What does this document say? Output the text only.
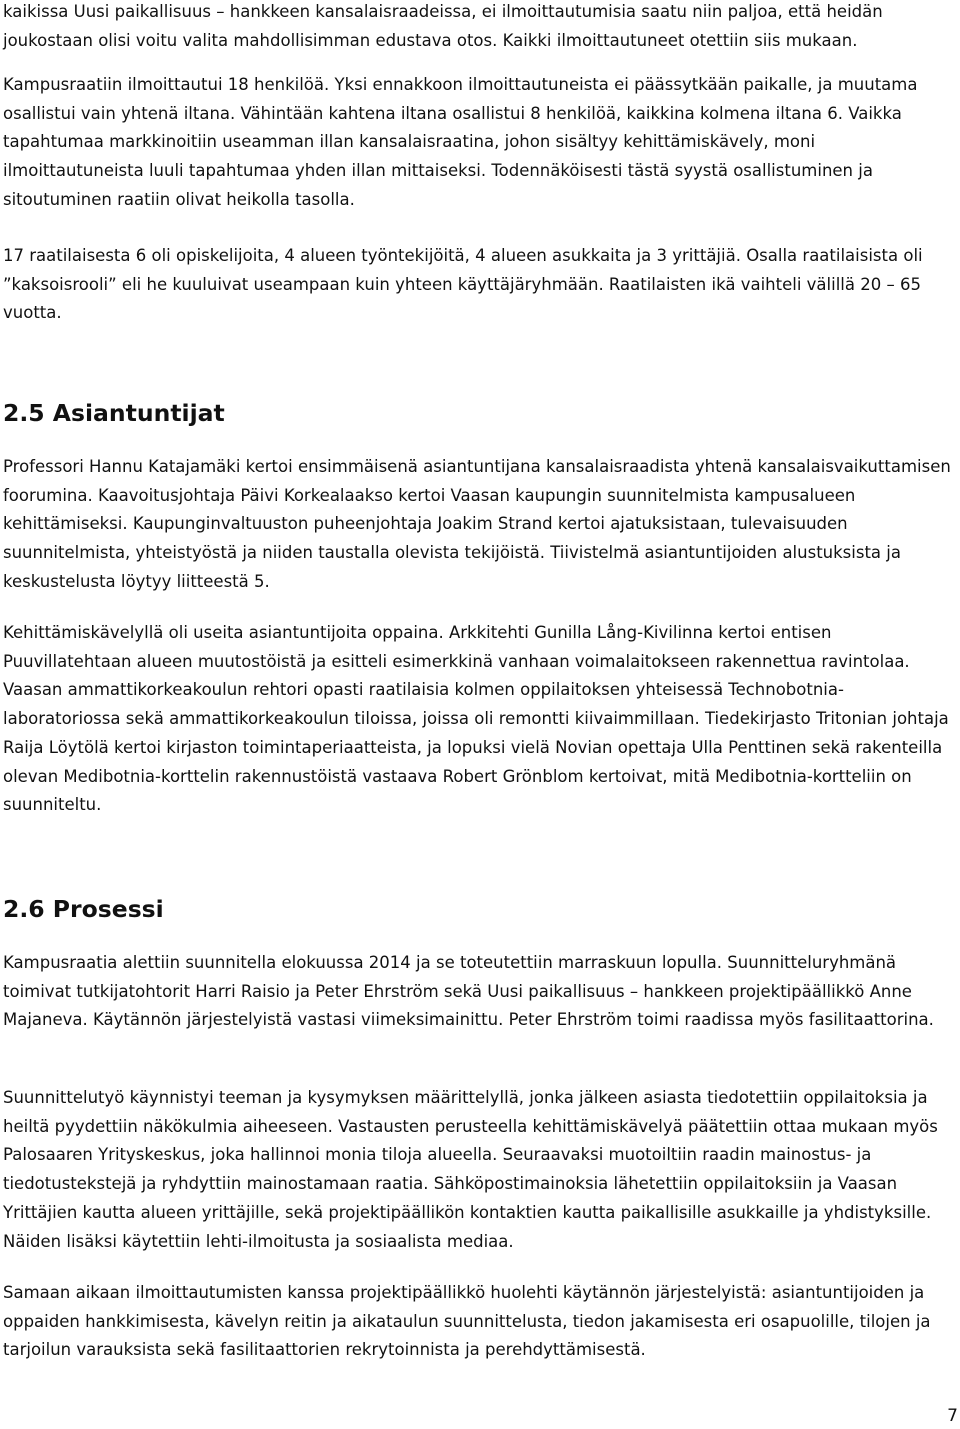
kaikissa Uusi paikallisuus – hankkeen kansalaisraadeissa, ei ilmoittautumisia saatu niin paljoa, että heidän joukostaan olisi voitu valita mahdollisimman edustava otos. Kaikki ilmoittautuneet otettiin siis mukaan.

Kampusraatiin ilmoittautui 18 henkilöä. Yksi ennakkoon ilmoittautuneista ei päässytkään paikalle, ja muutama osallistui vain yhtenä iltana. Vähintään kahtena iltana osallistui 8 henkilöä, kaikkina kolmena iltana 6. Vaikka tapahtumaa markkinoitiin useamman illan kansalaisraatina, johon sisältyy kehittämiskävely, moni ilmoittautuneista luuli tapahtumaa yhden illan mittaiseksi. Todennäköisesti tästä syystä osallistuminen ja sitoutuminen raatiin olivat heikolla tasolla.

17 raatilaisesta 6 oli opiskelijoita, 4 alueen työntekijöitä, 4 alueen asukkaita ja 3 yrittäjiä. Osalla raatilaisista oli ”kaksoisrooli” eli he kuuluivat useampaan kuin yhteen käyttäjäryhmään. Raatilaisten ikä vaihteli välillä 20 – 65 vuotta.

2.5 Asiantuntijat

Professori Hannu Katajamäki kertoi ensimmäisenä asiantuntijana kansalaisraadista yhtenä kansalaisvaikuttamisen foorumina. Kaavoitusjohtaja Päivi Korkealaakso kertoi Vaasan kaupungin suunnitelmista kampusalueen kehittämiseksi. Kaupunginvaltuuston puheenjohtaja Joakim Strand kertoi ajatuksistaan, tulevaisuuden suunnitelmista, yhteistyöstä ja niiden taustalla olevista tekijöistä. Tiivistelmä asiantuntijoiden alustuksista ja keskustelusta löytyy liitteestä 5.

Kehittämiskävelyllä oli useita asiantuntijoita oppaina. Arkkitehti Gunilla Lång-Kivilinna kertoi entisen Puuvillatehtaan alueen muutostöistä ja esitteli esimerkkinä vanhaan voimalaitokseen rakennettua ravintolaa. Vaasan ammattikorkeakoulun rehtori opasti raatilaisia kolmen oppilaitoksen yhteisessä Technobotnia-laboratoriossa sekä ammattikorkeakoulun tiloissa, joissa oli remontti kiivaimmillaan. Tiedekirjasto Tritonian johtaja Raija Löytölä kertoi kirjaston toimintaperiaatteista, ja lopuksi vielä Novian opettaja Ulla Penttinen sekä rakenteilla olevan Medibotnia-korttelin rakennustöistä vastaava Robert Grönblom kertoivat, mitä Medibotnia-kortteliin on suunniteltu.

2.6 Prosessi

Kampusraatia alettiin suunnitella elokuussa 2014 ja se toteutettiin marraskuun lopulla. Suunnitteluryhmänä toimivat tutkijatohtorit Harri Raisio ja Peter Ehrström sekä Uusi paikallisuus – hankkeen projektipäällikkö Anne Majaneva. Käytännön järjestelyistä vastasi viimeksimainittu. Peter Ehrström toimi raadissa myös fasilitaattorina.

Suunnittelutyö käynnistyi teeman ja kysymyksen määrittelyllä, jonka jälkeen asiasta tiedotettiin oppilaitoksia ja heiltä pyydettiin näkökulmia aiheeseen. Vastausten perusteella kehittämiskävelyä päätettiin ottaa mukaan myös Palosaaren Yrityskeskus, joka hallinnoi monia tiloja alueella. Seuraavaksi muotoiltiin raadin mainostus- ja tiedotustekstejä ja ryhdyttiin mainostamaan raatia. Sähköpostimainoksia lähetettiin oppilaitoksiin ja Vaasan Yrittäjien kautta alueen yrittäjille, sekä projektipäällikön kontaktien kautta paikallisille asukkaille ja yhdistyksille. Näiden lisäksi käytettiin lehti-ilmoitusta ja sosiaalista mediaa.

Samaan aikaan ilmoittautumisten kanssa projektipäällikkö huolehti käytännön järjestelyistä: asiantuntijoiden ja oppaiden hankkimisesta, kävelyn reitin ja aikataulun suunnittelusta, tiedon jakamisesta eri osapuolille, tilojen ja tarjoilun varauksista sekä fasilitaattorien rekrytoinnista ja perehdyttämisestä.

7
